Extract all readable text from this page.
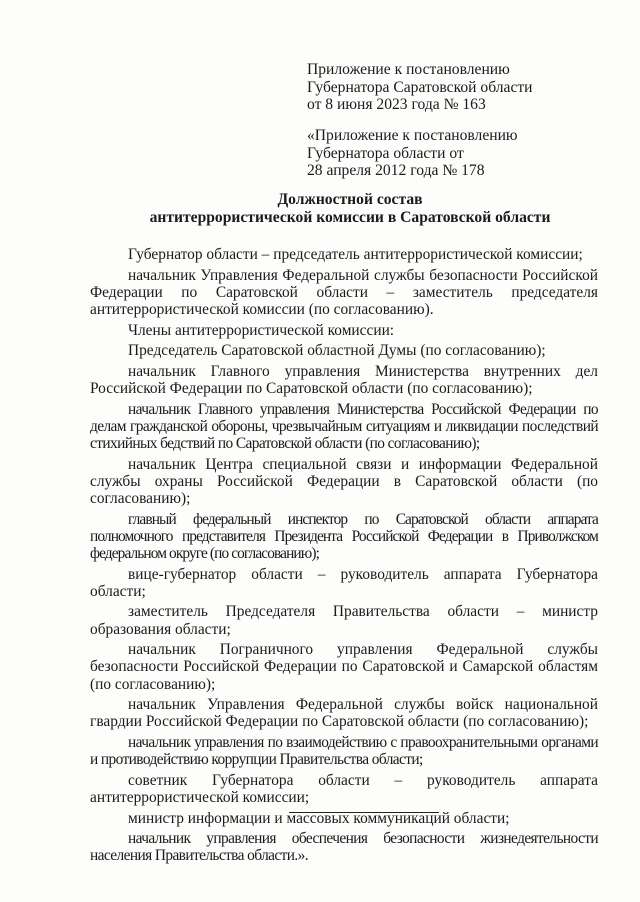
Приложение к постановлению
Губернатора Саратовской области
от 8 июня 2023 года № 163
«Приложение к постановлению
Губернатора области от
28 апреля 2012 года № 178
Должностной состав
антитеррористической комиссии в Саратовской области

Губернатор области – председатель антитеррористической комиссии;

начальник Управления Федеральной службы безопасности Российской Федерации по Саратовской области – заместитель председателя антитеррористической комиссии (по согласованию).

Члены антитеррористической комиссии:

Председатель Саратовской областной Думы (по согласованию);

начальник Главного управления Министерства внутренних дел Российской Федерации по Саратовской области (по согласованию);

начальник Главного управления Министерства Российской Федерации по делам гражданской обороны, чрезвычайным ситуациям и ликвидации последствий стихийных бедствий по Саратовской области (по согласованию);

начальник Центра специальной связи и информации Федеральной службы охраны Российской Федерации в Саратовской области (по согласованию);

главный федеральный инспектор по Саратовской области аппарата полномочного представителя Президента Российской Федерации в Приволжском федеральном округе (по согласованию);

вице-губернатор области – руководитель аппарата Губернатора области;

заместитель Председателя Правительства области – министр образования области;

начальник Пограничного управления Федеральной службы безопасности Российской Федерации по Саратовской и Самарской областям (по согласованию);

начальник Управления Федеральной службы войск национальной гвардии Российской Федерации по Саратовской области (по согласованию);

начальник управления по взаимодействию с правоохранительными органами и противодействию коррупции Правительства области;

советник Губернатора области – руководитель аппарата антитеррористической комиссии;

министр информации и массовых коммуникаций области;

начальник управления обеспечения безопасности жизнедеятельности населения Правительства области.».
